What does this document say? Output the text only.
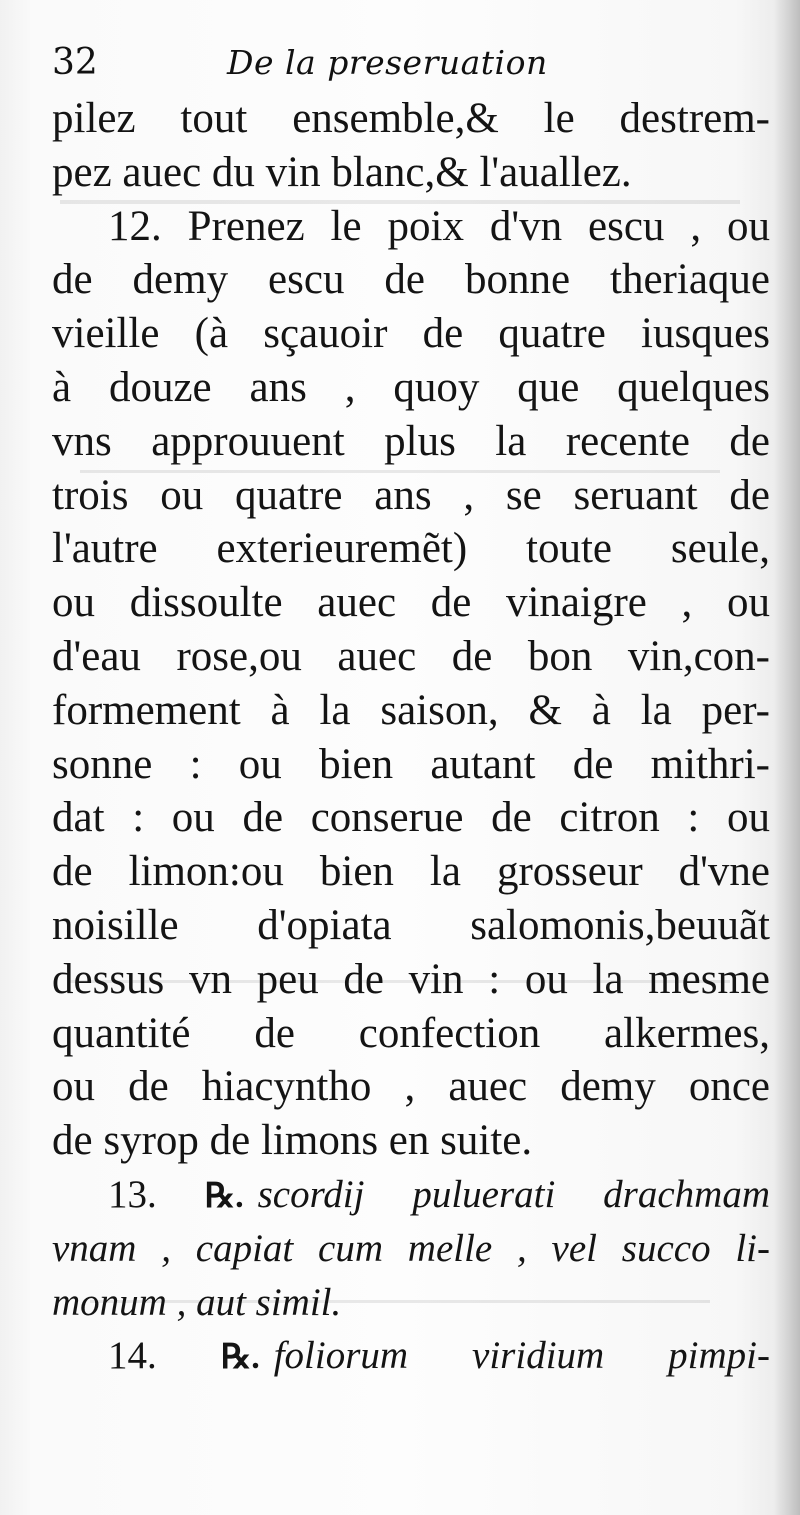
32	De la preseruation
pilez tout ensemble,& le destrem-
pez auec du vin blanc,& l'auallez.
12. Prenez le poix d'vn escu , ou
de demy escu de bonne theriaque
vieille (à sçauoir de quatre iusques
à douze ans , quoy que quelques
vns approuuent plus la recente de
trois ou quatre ans , se seruant de
l'autre exterieuremẽt) toute seule,
ou dissoulte auec de vinaigre , ou
d'eau rose,ou auec de bon vin,con-
formement à la saison, & à la per-
sonne : ou bien autant de mithri-
dat : ou de conserue de citron : ou
de limon:ou bien la grosseur d'vne
noisille d'opiata salomonis,beuuãt
dessus vn peu de vin : ou la mesme
quantité de confection alkermes,
ou de hiacyntho , auec demy once
de syrop de limons en suite.
13. ℞. scordij puluerati drachmam
vnam , capiat cum melle , vel succo li-
monum , aut simil.
14. ℞. foliorum viridium pimpi-
